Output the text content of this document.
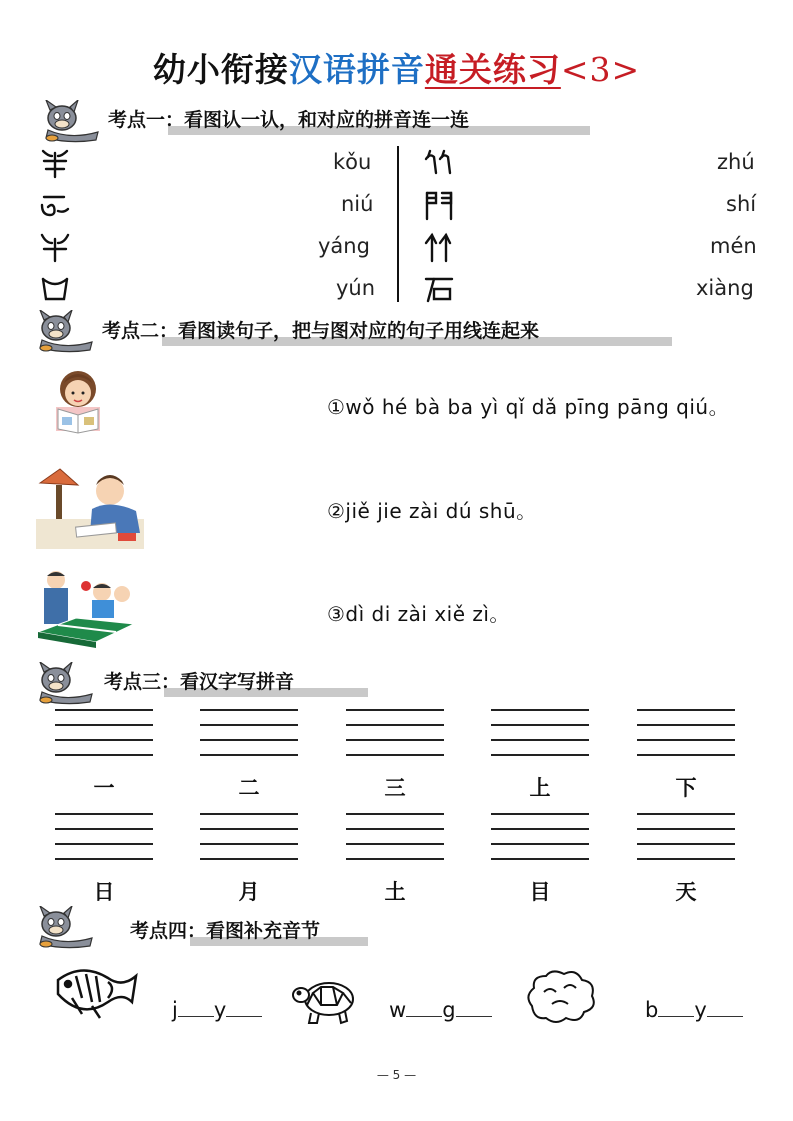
幼小衔接汉语拼音通关练习<3>
考点一：看图认一认，和对应的拼音连一连
kǒu
niú
yáng
yún
zhú
shí
mén
xiàng
考点二：看图读句子，把与图对应的句子用线连起来
①wǒ hé bà ba yì qǐ dǎ pīng pāng qiú。
②jiě jie zài dú shū。
③dì di zài xiě zì。
考点三：看汉字写拼音
一	二	三	上	下
日	月	土	目	天
考点四：看图补充音节
j y	w g	b y
— 5 —
